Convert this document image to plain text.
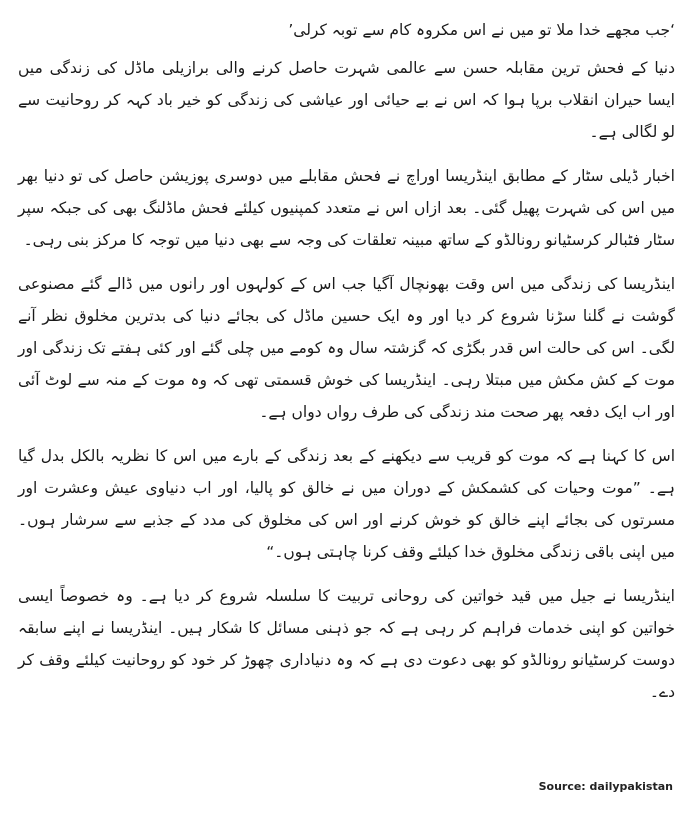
‘جب مجھے خدا ملا تو میں نے اس مکروہ کام سے توبہ کرلی’

دنیا کے فحش ترین مقابلہ حسن سے عالمی شہرت حاصل کرنے والی برازیلی ماڈل کی زندگی میں ایسا حیران انقلاب برپا ہوا کہ اس نے بے حیائی اور عیاشی کی زندگی کو خیر باد کہہ کر روحانیت سے لو لگالی ہے۔

اخبار ڈیلی سٹار کے مطابق اینڈریسا اوراچ نے فحش مقابلے میں دوسری پوزیشن حاصل کی تو دنیا بھر میں اس کی شہرت پھیل گئی۔ بعد ازاں اس نے متعدد کمپنیوں کیلئے فحش ماڈلنگ بھی کی جبکہ سپر سٹار فٹبالر کرسٹیانو رونالڈو کے ساتھ مبینہ تعلقات کی وجہ سے بھی دنیا میں توجہ کا مرکز بنی رہی۔

اینڈریسا کی زندگی میں اس وقت بھونچال آگیا جب اس کے کولہوں اور رانوں میں ڈالے گئے مصنوعی گوشت نے گلنا سڑنا شروع کر دیا اور وہ ایک حسین ماڈل کی بجائے دنیا کی بدترین مخلوق نظر آنے لگی۔ اس کی حالت اس قدر بگڑی کہ گزشتہ سال وہ کومے میں چلی گئے اور کئی ہفتے تک زندگی اور موت کے کش مکش میں مبتلا رہی۔ اینڈریسا کی خوش قسمتی تھی کہ وہ موت کے منہ سے لوٹ آئی اور اب ایک دفعہ پھر صحت مند زندگی کی طرف رواں دواں ہے۔

اس کا کہنا ہے کہ موت کو قریب سے دیکھنے کے بعد زندگی کے بارے میں اس کا نظریہ بالکل بدل گیا ہے۔ ”موت وحیات کی کشمکش کے دوران میں نے خالق کو پالیا، اور اب دنیاوی عیش وعشرت اور مسرتوں کی بجائے اپنے خالق کو خوش کرنے اور اس کی مخلوق کی مدد کے جذبے سے سرشار ہوں۔ میں اپنی باقی زندگی مخلوق خدا کیلئے وقف کرنا چاہتی ہوں۔“

اینڈریسا نے جیل میں قید خواتین کی روحانی تربیت کا سلسلہ شروع کر دیا ہے۔ وہ خصوصاً ایسی خواتین کو اپنی خدمات فراہم کر رہی ہے کہ جو ذہنی مسائل کا شکار ہیں۔ اینڈریسا نے اپنے سابقہ دوست کرسٹیانو رونالڈو کو بھی دعوت دی ہے کہ وہ دنیاداری چھوڑ کر خود کو روحانیت کیلئے وقف کر دے۔

Source: dailypakistan
